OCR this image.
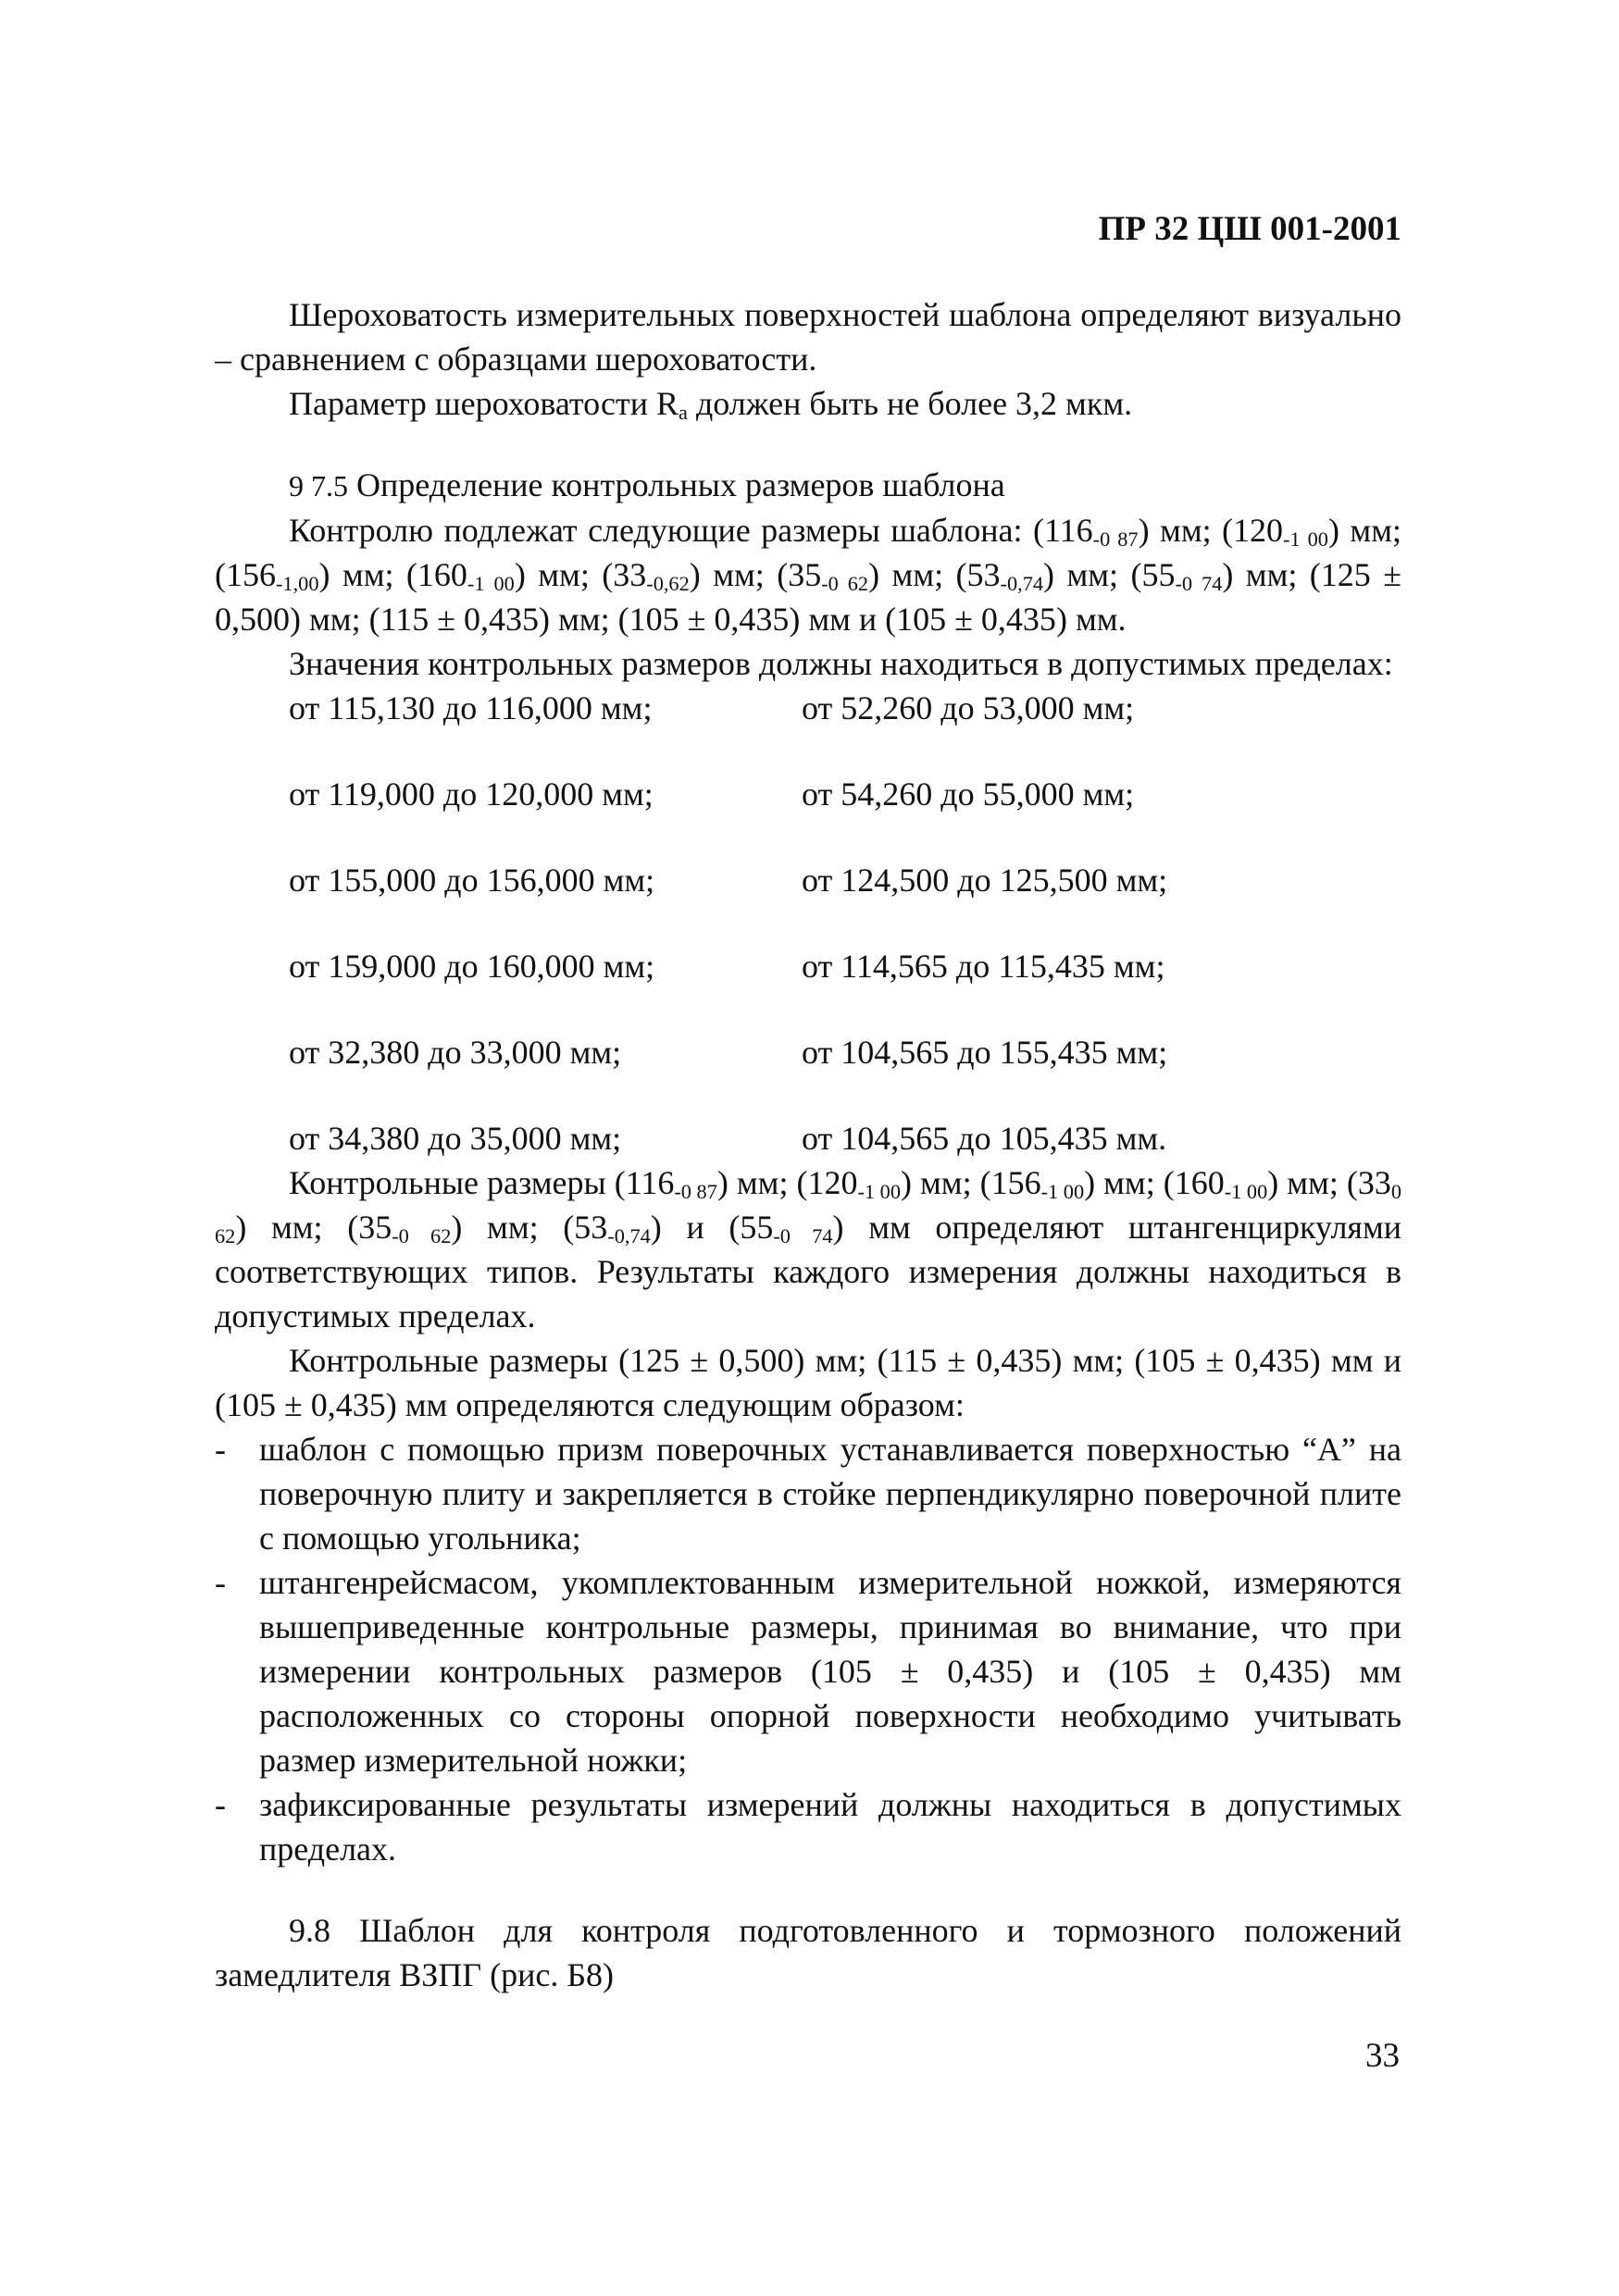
ПР 32 ЦШ 001-2001

Шероховатость измерительных поверхностей шаблона определяют визуально – сравнением с образцами шероховатости.

Параметр шероховатости $R_a$ должен быть не более 3,2 мкм.

9 7.5 Определение контрольных размеров шаблона

Контролю подлежат следующие размеры шаблона: $(116_{-0 87})$ мм; $(120_{-1 00})$ мм; $(156_{-1,00})$ мм; $(160_{-1 00})$ мм; $(33_{-0,62})$ мм; $(35_{-0 62})$ мм; $(53_{-0,74})$ мм; $(55_{-0 74})$ мм; (125 ± 0,500) мм; (115 ± 0,435) мм; (105 ± 0,435) мм и (105 ± 0,435) мм.

Значения контрольных размеров должны находиться в допустимых пределах:

от 115,130 до 116,000 мм;	от 52,260 до 53,000 мм;
от 119,000 до 120,000 мм;	от 54,260 до 55,000 мм;
от 155,000 до 156,000 мм;	от 124,500 до 125,500 мм;
от 159,000 до 160,000 мм;	от 114,565 до 115,435 мм;
от 32,380 до 33,000 мм;	от 104,565 до 155,435 мм;
от 34,380 до 35,000 мм;	от 104,565 до 105,435 мм.

Контрольные размеры $(116_{-0 87})$ мм; $(120_{-1 00})$ мм; $(156_{-1 00})$ мм; $(160_{-1 00})$ мм; $(33_{0 62})$ мм; $(35_{-0 62})$ мм; $(53_{-0,74})$ и $(55_{-0 74})$ мм определяют штангенциркулями соответствующих типов. Результаты каждого измерения должны находиться в допустимых пределах.

Контрольные размеры (125 ± 0,500) мм; (115 ± 0,435) мм; (105 ± 0,435) мм и (105 ± 0,435) мм определяются следующим образом:

- шаблон с помощью призм поверочных устанавливается поверхностью “А” на поверочную плиту и закрепляется в стойке перпендикулярно поверочной плите с помощью угольника;
- штангенрейсмасом, укомплектованным измерительной ножкой, измеряются вышеприведенные контрольные размеры, принимая во внимание, что при измерении контрольных размеров (105 ± 0,435) и (105 ± 0,435) мм расположенных со стороны опорной поверхности необходимо учитывать размер измерительной ножки;
- зафиксированные результаты измерений должны находиться в допустимых пределах.

9.8 Шаблон для контроля подготовленного и тормозного положений замедлителя ВЗПГ (рис. Б8)

33
